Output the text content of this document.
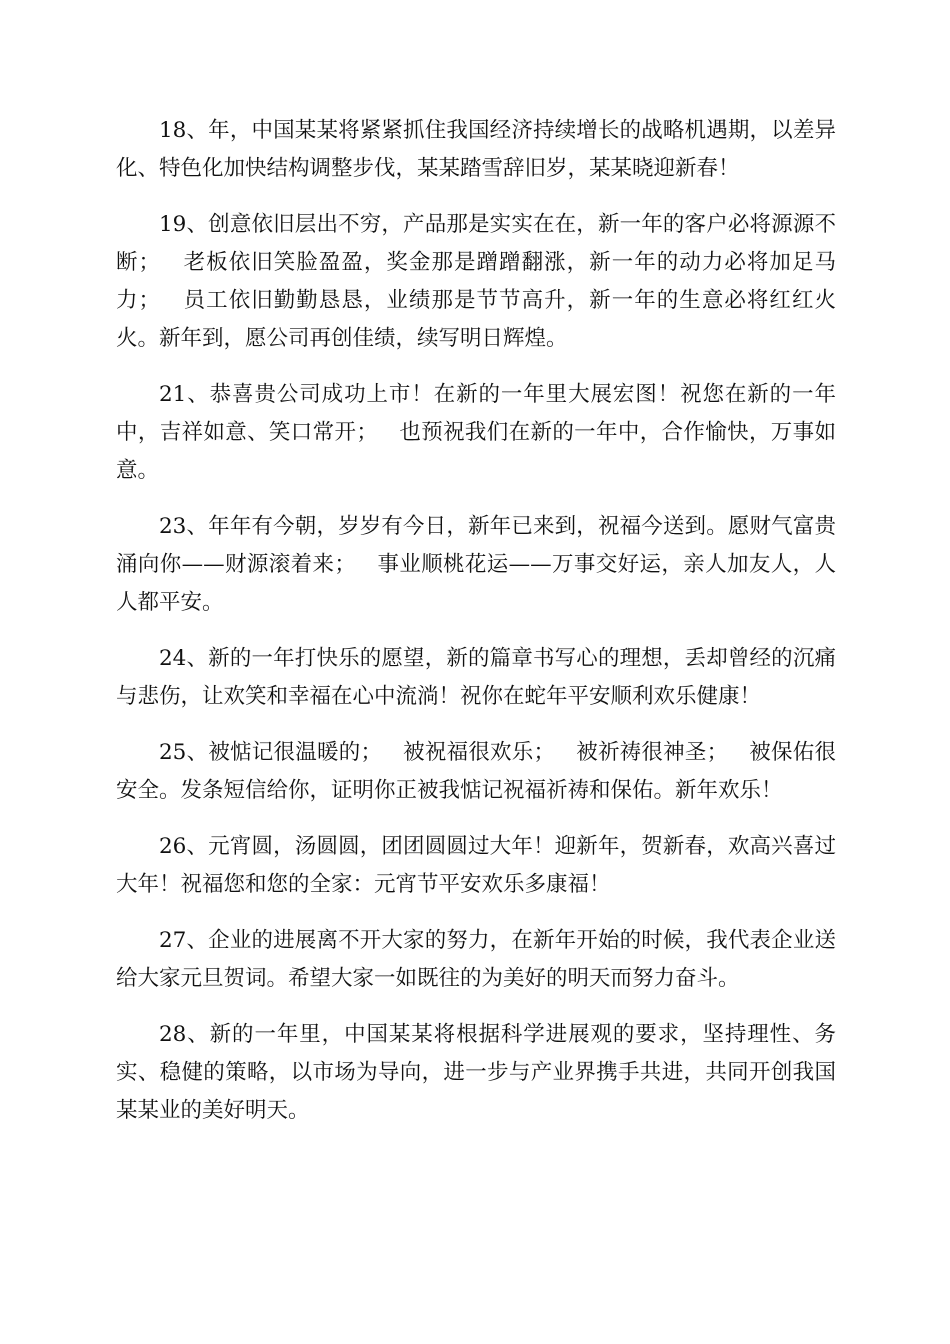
18、年，中国某某将紧紧抓住我国经济持续增长的战略机遇期，以差异化、特色化加快结构调整步伐，某某踏雪辞旧岁，某某晓迎新春！

19、创意依旧层出不穷，产品那是实实在在，新一年的客户必将源源不断；   老板依旧笑脸盈盈，奖金那是蹭蹭翻涨，新一年的动力必将加足马力；   员工依旧勤勤恳恳，业绩那是节节高升，新一年的生意必将红红火火。新年到，愿公司再创佳绩，续写明日辉煌。

21、恭喜贵公司成功上市！在新的一年里大展宏图！祝您在新的一年中，吉祥如意、笑口常开；   也预祝我们在新的一年中，合作愉快，万事如意。

23、年年有今朝，岁岁有今日，新年已来到，祝福今送到。愿财气富贵涌向你——财源滚着来；   事业顺桃花运——万事交好运，亲人加友人，人人都平安。

24、新的一年打快乐的愿望，新的篇章书写心的理想，丢却曾经的沉痛与悲伤，让欢笑和幸福在心中流淌！祝你在蛇年平安顺利欢乐健康！

25、被惦记很温暖的；   被祝福很欢乐；   被祈祷很神圣；   被保佑很安全。发条短信给你，证明你正被我惦记祝福祈祷和保佑。新年欢乐！

26、元宵圆，汤圆圆，团团圆圆过大年！迎新年，贺新春，欢高兴喜过大年！祝福您和您的全家：元宵节平安欢乐多康福！

27、企业的进展离不开大家的努力，在新年开始的时候，我代表企业送给大家元旦贺词。希望大家一如既往的为美好的明天而努力奋斗。

28、新的一年里，中国某某将根据科学进展观的要求，坚持理性、务实、稳健的策略，以市场为导向，进一步与产业界携手共进，共同开创我国某某业的美好明天。
